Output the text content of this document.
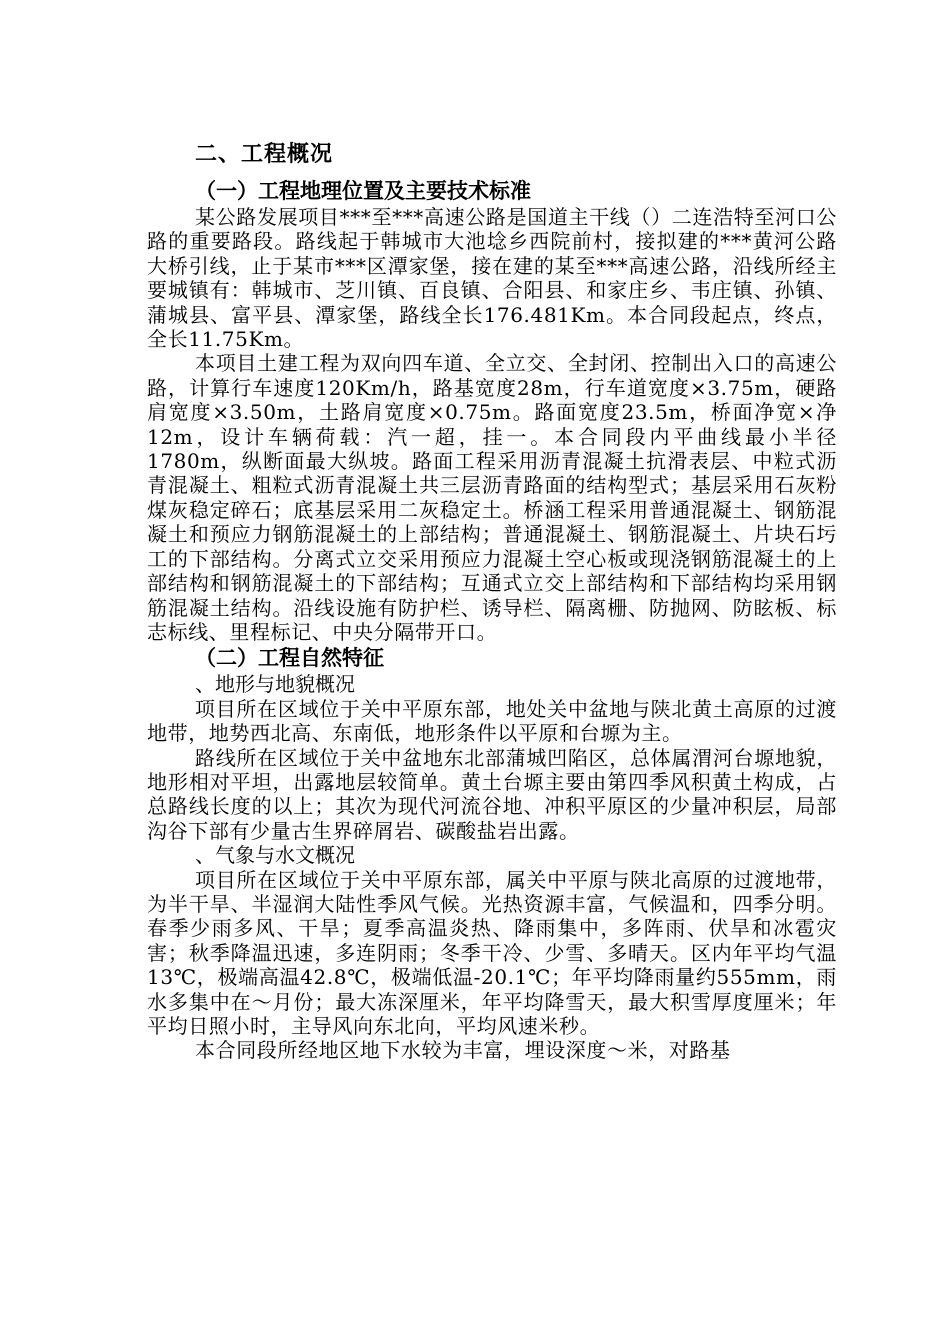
二、工程概况
（一）工程地理位置及主要技术标准

某公路发展项目***至***高速公路是国道主干线（）二连浩特至河口公路的重要路段。路线起于韩城市大池埝乡西院前村，接拟建的***黄河公路大桥引线，止于某市***区潭家堡，接在建的某至***高速公路，沿线所经主要城镇有：韩城市、芝川镇、百良镇、合阳县、和家庄乡、韦庄镇、孙镇、蒲城县、富平县、潭家堡，路线全长176.481Km。本合同段起点，终点，全长11.75Km。

本项目土建工程为双向四车道、全立交、全封闭、控制出入口的高速公路，计算行车速度120Km/h，路基宽度28m，行车道宽度×3.75m，硬路肩宽度×3.50m，土路肩宽度×0.75m。路面宽度23.5m，桥面净宽×净12m，设计车辆荷载：汽一超，挂一。本合同段内平曲线最小半径1780m，纵断面最大纵坡。路面工程采用沥青混凝土抗滑表层、中粒式沥青混凝土、粗粒式沥青混凝土共三层沥青路面的结构型式；基层采用石灰粉煤灰稳定碎石；底基层采用二灰稳定土。桥涵工程采用普通混凝土、钢筋混凝土和预应力钢筋混凝土的上部结构；普通混凝土、钢筋混凝土、片块石圬工的下部结构。分离式立交采用预应力混凝土空心板或现浇钢筋混凝土的上部结构和钢筋混凝土的下部结构；互通式立交上部结构和下部结构均采用钢筋混凝土结构。沿线设施有防护栏、诱导栏、隔离栅、防抛网、防眩板、标志标线、里程标记、中央分隔带开口。

（二）工程自然特征

、地形与地貌概况

项目所在区域位于关中平原东部，地处关中盆地与陕北黄土高原的过渡地带，地势西北高、东南低，地形条件以平原和台塬为主。

路线所在区域位于关中盆地东北部蒲城凹陷区，总体属渭河台塬地貌，地形相对平坦，出露地层较简单。黄土台塬主要由第四季风积黄土构成，占总路线长度的以上；其次为现代河流谷地、冲积平原区的少量冲积层，局部沟谷下部有少量古生界碎屑岩、碳酸盐岩出露。

、气象与水文概况

项目所在区域位于关中平原东部，属关中平原与陕北高原的过渡地带，为半干旱、半湿润大陆性季风气候。光热资源丰富，气候温和，四季分明。春季少雨多风、干旱；夏季高温炎热、降雨集中，多阵雨、伏旱和冰雹灾害；秋季降温迅速，多连阴雨；冬季干冷、少雪、多晴天。区内年平均气温13℃，极端高温42.8℃，极端低温-20.1℃；年平均降雨量约555mm，雨水多集中在～月份；最大冻深厘米，年平均降雪天，最大积雪厚度厘米；年平均日照小时，主导风向东北向，平均风速米秒。

本合同段所经地区地下水较为丰富，埋设深度～米，对路基
